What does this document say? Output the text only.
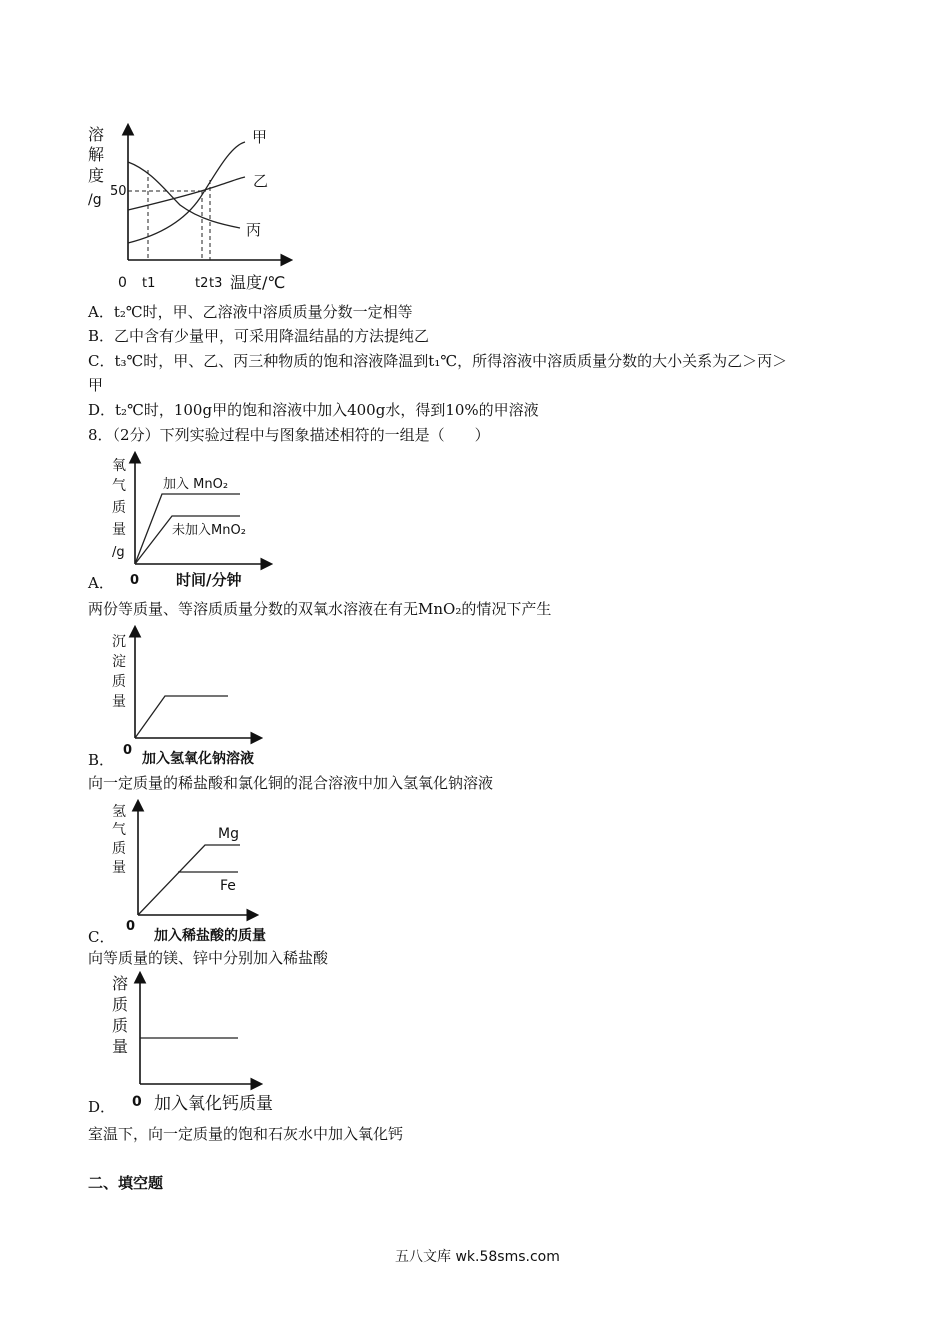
溶
解
度
/g
50
甲
乙
丙
0 t1	t2 t3 温度/℃
A．t₂℃时，甲、乙溶液中溶质质量分数一定相等
B．乙中含有少量甲，可采用降温结晶的方法提纯乙
C．t₃℃时，甲、乙、丙三种物质的饱和溶液降温到t₁℃，所得溶液中溶质质量分数的大小关系为乙＞丙＞
甲
D．t₂℃时，100g甲的饱和溶液中加入400g水，得到10%的甲溶液
8．（2分）下列实验过程中与图象描述相符的一组是（　　）
氧
气
质
量
/g
加入 MnO₂
未加入MnO₂
0 时间/分钟
A．
两份等质量、等溶质质量分数的双氧水溶液在有无MnO₂的情况下产生
沉
淀
质
量
0
加入氢氧化钠溶液
B．
向一定质量的稀盐酸和氯化铜的混合溶液中加入氢氧化钠溶液
氢
气
质
量
Mg
Fe
0
加入稀盐酸的质量
C．
向等质量的镁、锌中分别加入稀盐酸
溶
质
质
量
0 加入氧化钙质量
D．
室温下，向一定质量的饱和石灰水中加入氧化钙
二、填空题
五八文库 wk.58sms.com
